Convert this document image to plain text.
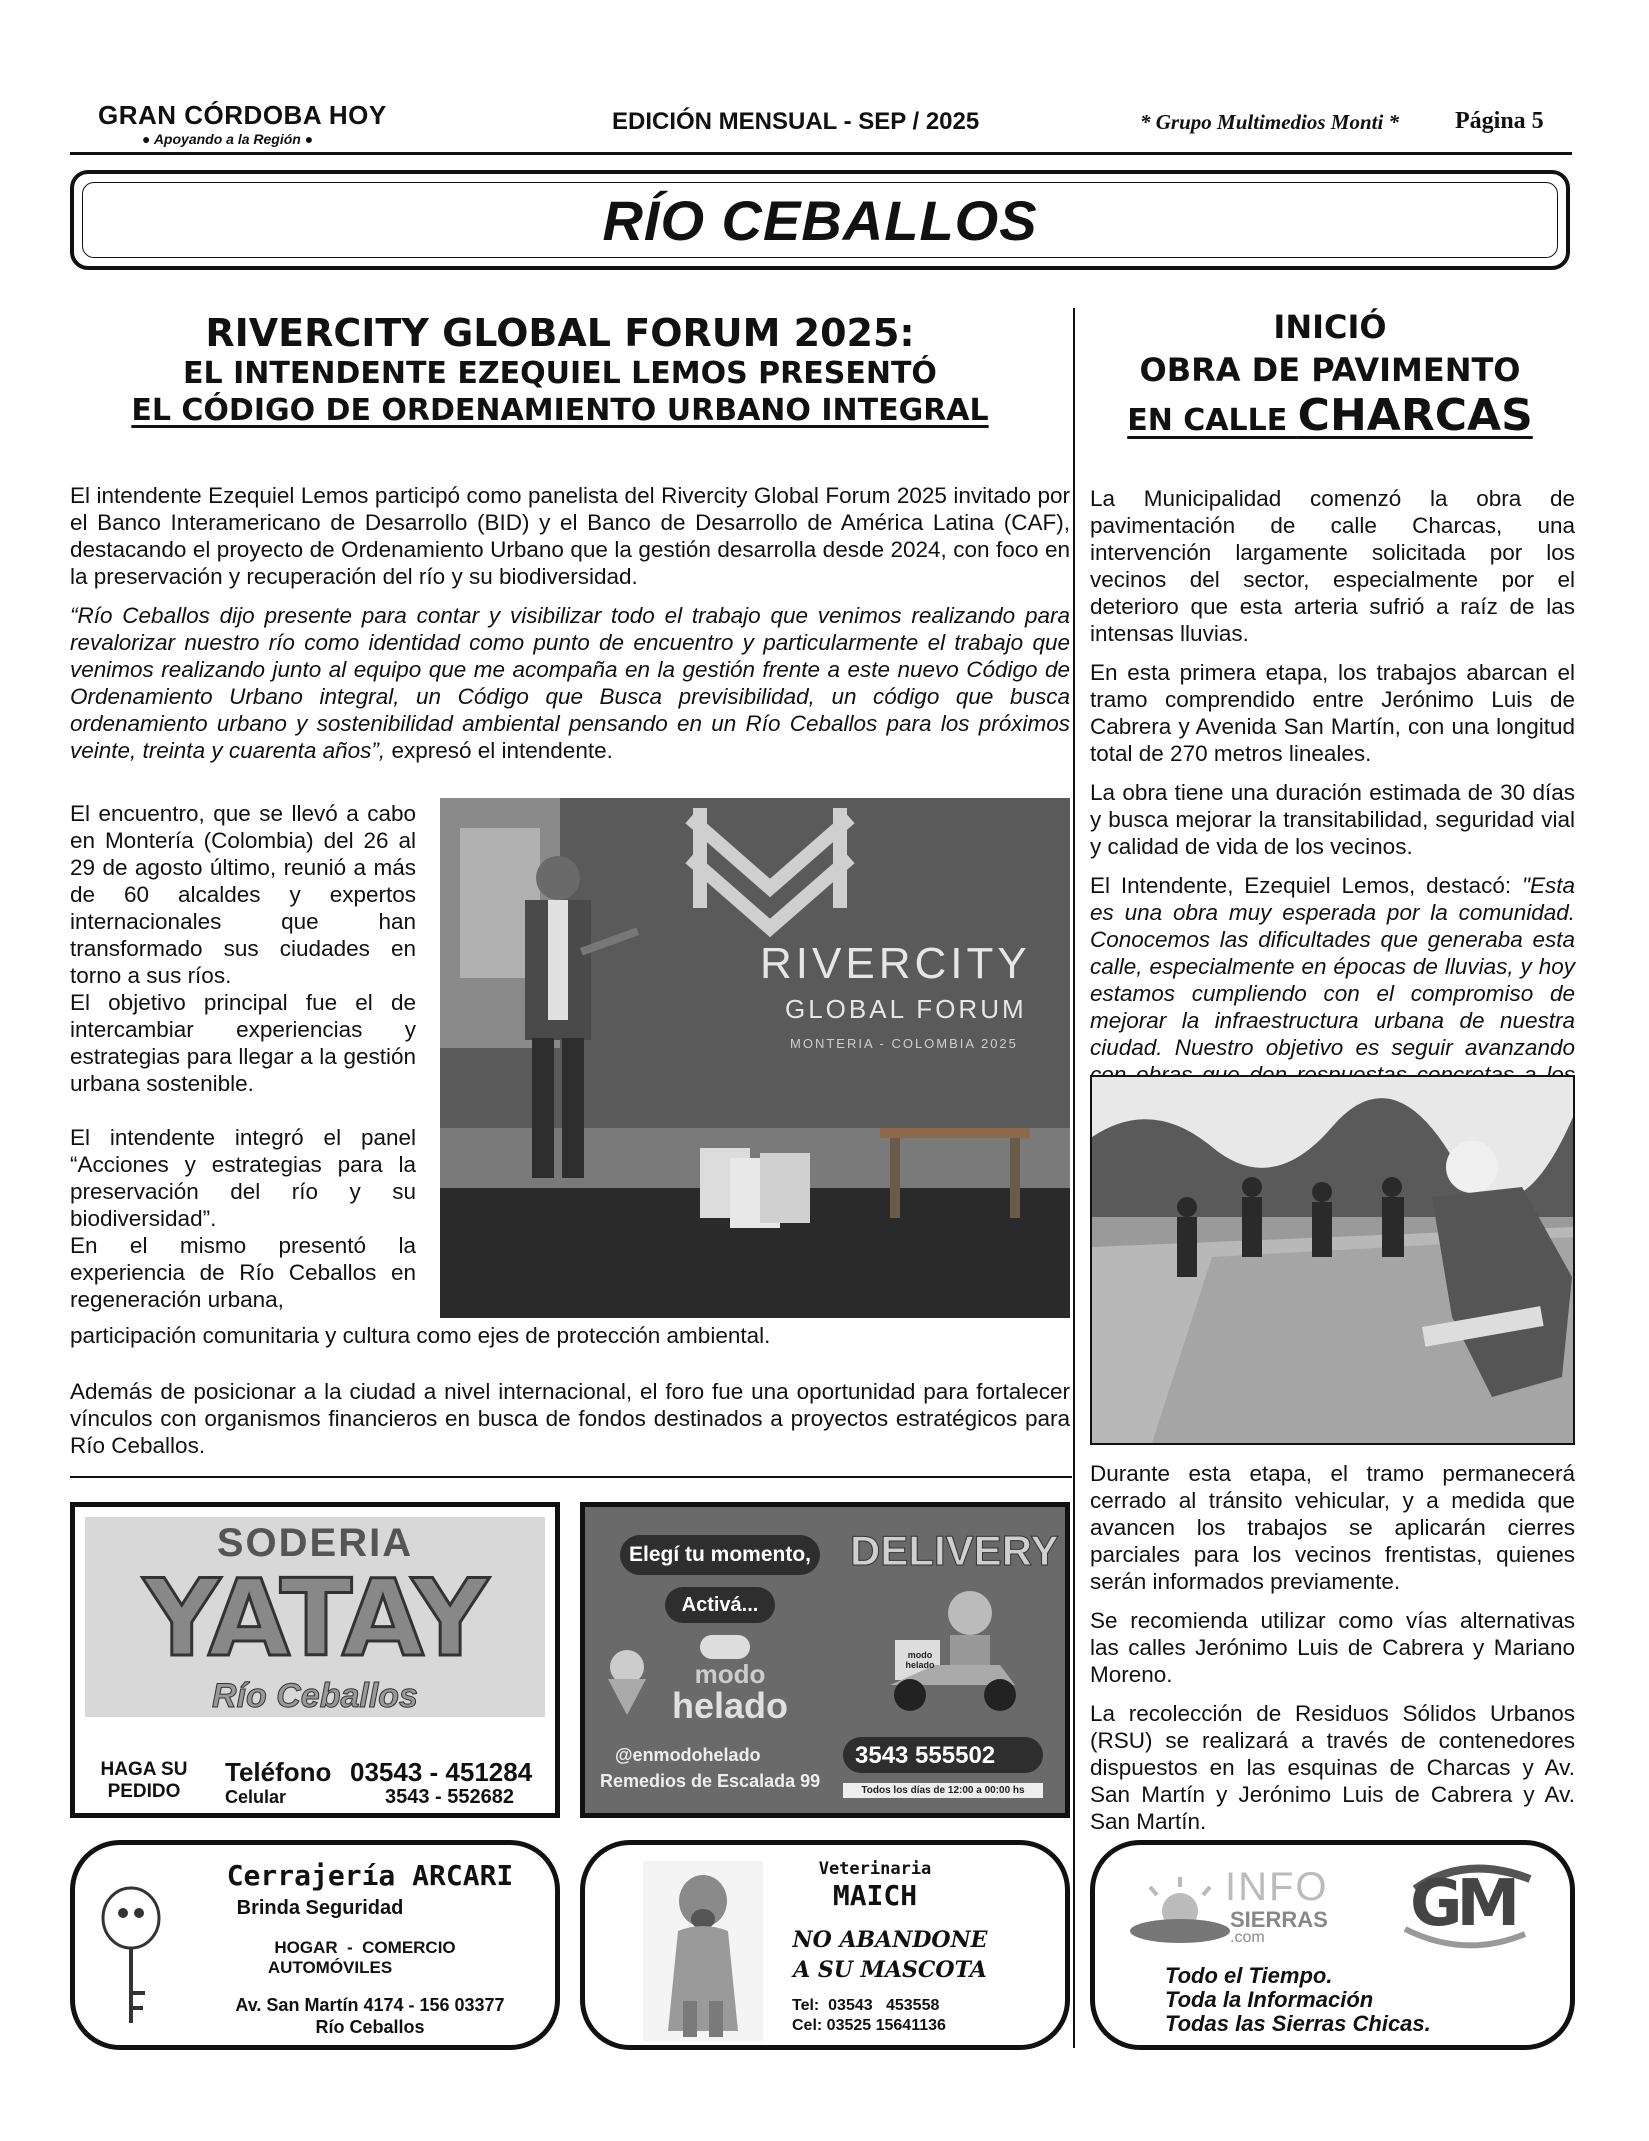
GRAN CÓRDOBA HOY
● Apoyando a la Región ●
EDICIÓN MENSUAL - SEP / 2025	* Grupo Multimedios Monti * Página 5
RÍO CEBALLOS
RIVERCITY GLOBAL FORUM 2025:
EL INTENDENTE EZEQUIEL LEMOS PRESENTÓ
EL CÓDIGO DE ORDENAMIENTO URBANO INTEGRAL

El intendente Ezequiel Lemos participó como panelista del Rivercity Global Forum 2025 invitado por el Banco Interamericano de Desarrollo (BID) y el Banco de Desarrollo de América Latina (CAF), destacando el proyecto de Ordenamiento Urbano que la gestión desarrolla desde 2024, con foco en la preservación y recuperación del río y su biodiversidad.

“Río Ceballos dijo presente para contar y visibilizar todo el trabajo que venimos realizando para revalorizar nuestro río como identidad como punto de encuentro y particularmente el trabajo que venimos realizando junto al equipo que me acompaña en la gestión frente a este nuevo Código de Ordenamiento Urbano integral, un Código que Busca previsibilidad, un código que busca ordenamiento urbano y sostenibilidad ambiental pensando en un Río Ceballos para los próximos veinte, treinta y cuarenta años”, expresó el intendente.

El encuentro, que se llevó a cabo en Montería (Colombia) del 26 al 29 de agosto último, reunió a más de 60 alcaldes y expertos internacionales que han transformado sus ciudades en torno a sus ríos.

El objetivo principal fue el de intercambiar experiencias y estrategias para llegar a la gestión urbana sostenible.

El intendente integró el panel “Acciones y estrategias para la preservación del río y su biodiversidad”.

En el mismo presentó la experiencia de Río Ceballos en regeneración urbana,

RIVERCITY
GLOBAL FORUM
MONTERIA - COLOMBIA 2025
participación comunitaria y cultura como ejes de protección ambiental.
Además de posicionar a la ciudad a nivel internacional, el foro fue una oportunidad para fortalecer vínculos con organismos financieros en busca de fondos destinados a proyectos estratégicos para Río Ceballos.
INICIÓ
OBRA DE PAVIMENTO
EN CALLE CHARCAS

La Municipalidad comenzó la obra de pavimentación de calle Charcas, una intervención largamente solicitada por los vecinos del sector, especialmente por el deterioro que esta arteria sufrió a raíz de las intensas lluvias.

En esta primera etapa, los trabajos abarcan el tramo comprendido entre Jerónimo Luis de Cabrera y Avenida San Martín, con una longitud total de 270 metros lineales.

La obra tiene una duración estimada de 30 días y busca mejorar la transitabilidad, seguridad vial y calidad de vida de los vecinos.

El Intendente, Ezequiel Lemos, destacó: "Esta es una obra muy esperada por la comunidad. Conocemos las dificultades que generaba esta calle, especialmente en épocas de lluvias, y hoy estamos cumpliendo con el compromiso de mejorar la infraestructura urbana de nuestra ciudad. Nuestro objetivo es seguir avanzando

Durante esta etapa, el tramo permanecerá cerrado al tránsito vehicular, y a medida que avancen los trabajos se aplicarán cierres parciales para los vecinos frentistas, quienes serán informados previamente.

Se recomienda utilizar como vías alternativas las calles Jerónimo Luis de Cabrera y Mariano Moreno.

La recolección de Residuos Sólidos Urbanos (RSU) se realizará a través de contenedores dispuestos en las esquinas de Charcas y Av. San Martín y Jerónimo Luis de Cabrera y Av. San Martín.

SODERIA
YATAY
Río Ceballos
HAGA SU
PEDIDO
Teléfono 03543 - 451284
Celular	3543 - 552682
Elegí tu momento,
Activá...
modo
helado
DELIVERY
modo helado
@enmodohelado
Remedios de Escalada 99
3543 555502
Todos los días de 12:00 a 00:00 hs
Cerrajería ARCARI
Brinda Seguridad
HOGAR  -  COMERCIO
AUTOMÓVILES
Av. San Martín 4174 - 156 03377
Río Ceballos
Veterinaria
MAICH
NO ABANDONE
A SU MASCOTA
Tel:  03543   453558
Cel: 03525 15641136
INFO
SIERRAS
.com GM
Todo el Tiempo.
Toda la Información
Todas las Sierras Chicas.
